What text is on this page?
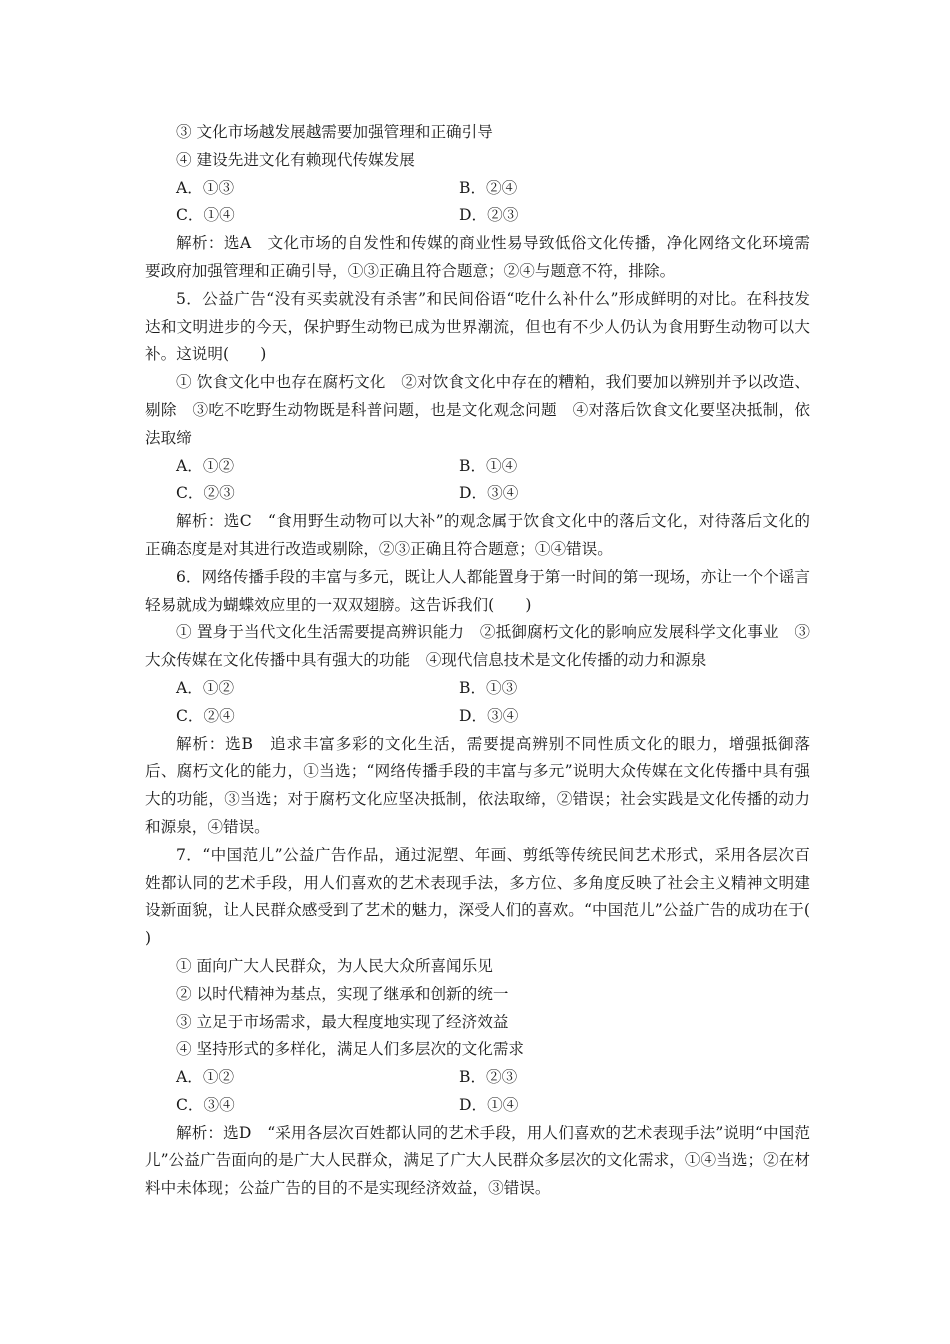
③ 文化市场越发展越需要加强管理和正确引导

④ 建设先进文化有赖现代传媒发展

A．①③	B．②④
C．①④	D．②③

解析：选A　文化市场的自发性和传媒的商业性易导致低俗文化传播，净化网络文化环境需要政府加强管理和正确引导，①③正确且符合题意；②④与题意不符，排除。

5．公益广告“没有买卖就没有杀害”和民间俗语“吃什么补什么”形成鲜明的对比。在科技发达和文明进步的今天，保护野生动物已成为世界潮流，但也有不少人仍认为食用野生动物可以大补。这说明(　　)

① 饮食文化中也存在腐朽文化　②对饮食文化中存在的糟粕，我们要加以辨别并予以改造、剔除　③吃不吃野生动物既是科普问题，也是文化观念问题　④对落后饮食文化要坚决抵制，依法取缔

A．①②	B．①④
C．②③	D．③④

解析：选C　“食用野生动物可以大补”的观念属于饮食文化中的落后文化，对待落后文化的正确态度是对其进行改造或剔除，②③正确且符合题意；①④错误。

6．网络传播手段的丰富与多元，既让人人都能置身于第一时间的第一现场，亦让一个个谣言轻易就成为蝴蝶效应里的一双双翅膀。这告诉我们(　　)

① 置身于当代文化生活需要提高辨识能力　②抵御腐朽文化的影响应发展科学文化事业　③大众传媒在文化传播中具有强大的功能　④现代信息技术是文化传播的动力和源泉

A．①②	B．①③
C．②④	D．③④

解析：选B　追求丰富多彩的文化生活，需要提高辨别不同性质文化的眼力，增强抵御落后、腐朽文化的能力，①当选；“网络传播手段的丰富与多元”说明大众传媒在文化传播中具有强大的功能，③当选；对于腐朽文化应坚决抵制，依法取缔，②错误；社会实践是文化传播的动力和源泉，④错误。

7．“中国范儿”公益广告作品，通过泥塑、年画、剪纸等传统民间艺术形式，采用各层次百姓都认同的艺术手段，用人们喜欢的艺术表现手法，多方位、多角度反映了社会主义精神文明建设新面貌，让人民群众感受到了艺术的魅力，深受人们的喜欢。“中国范儿”公益广告的成功在于(　　)

① 面向广大人民群众，为人民大众所喜闻乐见

② 以时代精神为基点，实现了继承和创新的统一

③ 立足于市场需求，最大程度地实现了经济效益

④ 坚持形式的多样化，满足人们多层次的文化需求

A．①②	B．②③
C．③④	D．①④

解析：选D　“采用各层次百姓都认同的艺术手段，用人们喜欢的艺术表现手法”说明“中国范儿”公益广告面向的是广大人民群众，满足了广大人民群众多层次的文化需求，①④当选；②在材料中未体现；公益广告的目的不是实现经济效益，③错误。
